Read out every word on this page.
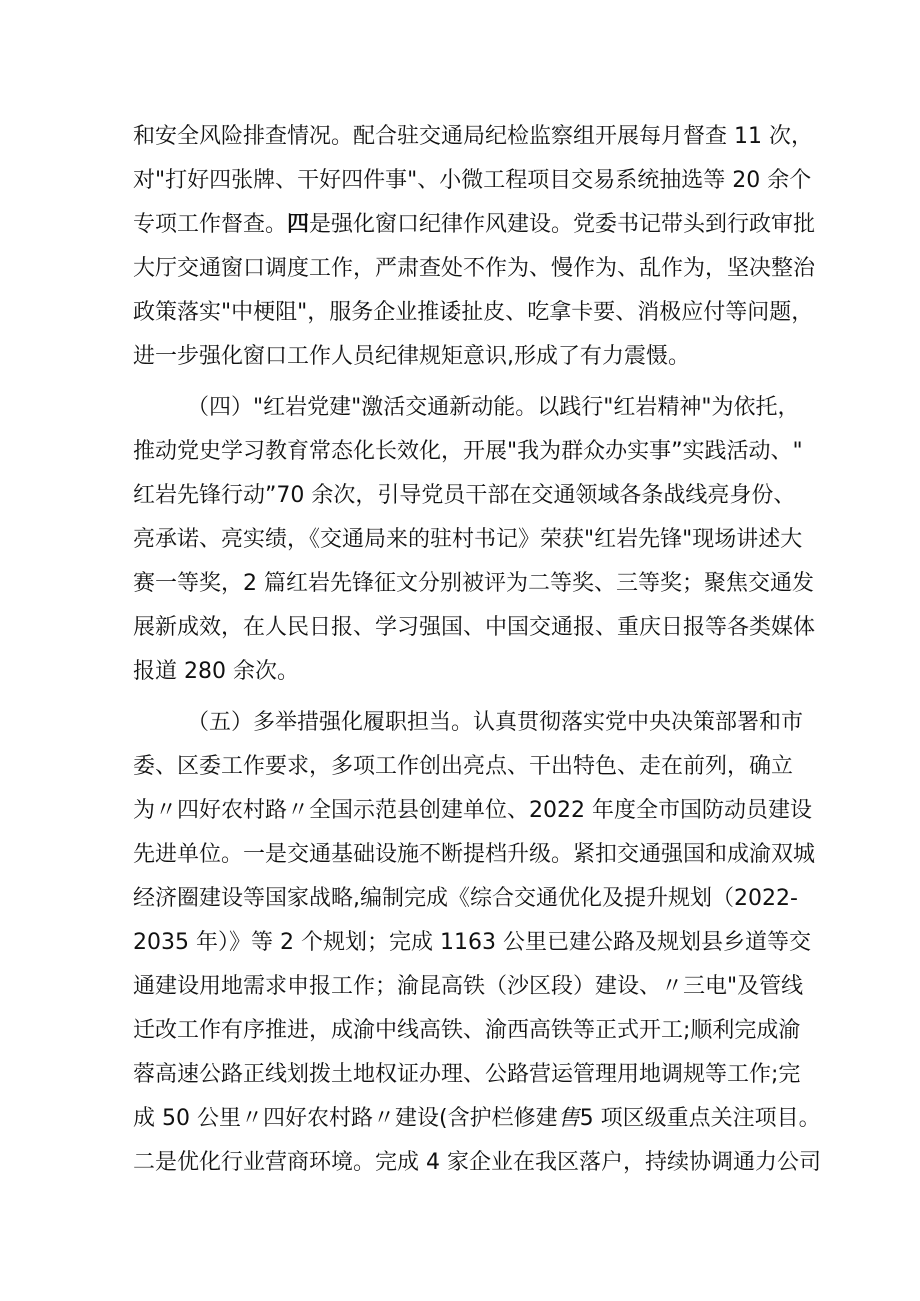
和安全风险排查情况。配合驻交通局纪检监察组开展每月督查 11 次，
对"打好四张牌、干好四件事"、小微工程项目交易系统抽选等 20 余个
专项工作督查。四是强化窗口纪律作风建设。党委书记带头到行政审批
大厅交通窗口调度工作，严肃查处不作为、慢作为、乱作为，坚决整治
政策落实"中梗阻"，服务企业推诿扯皮、吃拿卡要、消极应付等问题，
进一步强化窗口工作人员纪律规矩意识,形成了有力震慑。
（四）"红岩党建"激活交通新动能。以践行"红岩精神"为依托，
推动党史学习教育常态化长效化，开展"我为群众办实事”实践活动、"
红岩先锋行动”70 余次，引导党员干部在交通领域各条战线亮身份、
亮承诺、亮实绩，《交通局来的驻村书记》荣获"红岩先锋"现场讲述大
赛一等奖，2 篇红岩先锋征文分别被评为二等奖、三等奖；聚焦交通发
展新成效，在人民日报、学习强国、中国交通报、重庆日报等各类媒体
报道 280 余次。
（五）多举措强化履职担当。认真贯彻落实党中央决策部署和市
委、区委工作要求，多项工作创出亮点、干出特色、走在前列，确立
为〃四好农村路〃全国示范县创建单位、2022 年度全市国防动员建设
先进单位。一是交通基础设施不断提档升级。紧扣交通强国和成渝双城
经济圈建设等国家战略,编制完成《综合交通优化及提升规划（2022-
2035 年）》等 2 个规划；完成 1163 公里已建公路及规划县乡道等交
通建设用地需求申报工作；渝昆高铁（沙区段）建设、〃三电"及管线
迁改工作有序推进，成渝中线高铁、渝西高铁等正式开工;顺利完成渝
蓉高速公路正线划拨土地权证办理、公路营运管理用地调规等工作;完
成 50 公里〃四好农村路〃建设(含护栏修建售5 项区级重点关注项目。
二是优化行业营商环境。完成 4 家企业在我区落户，持续协调通力公司
